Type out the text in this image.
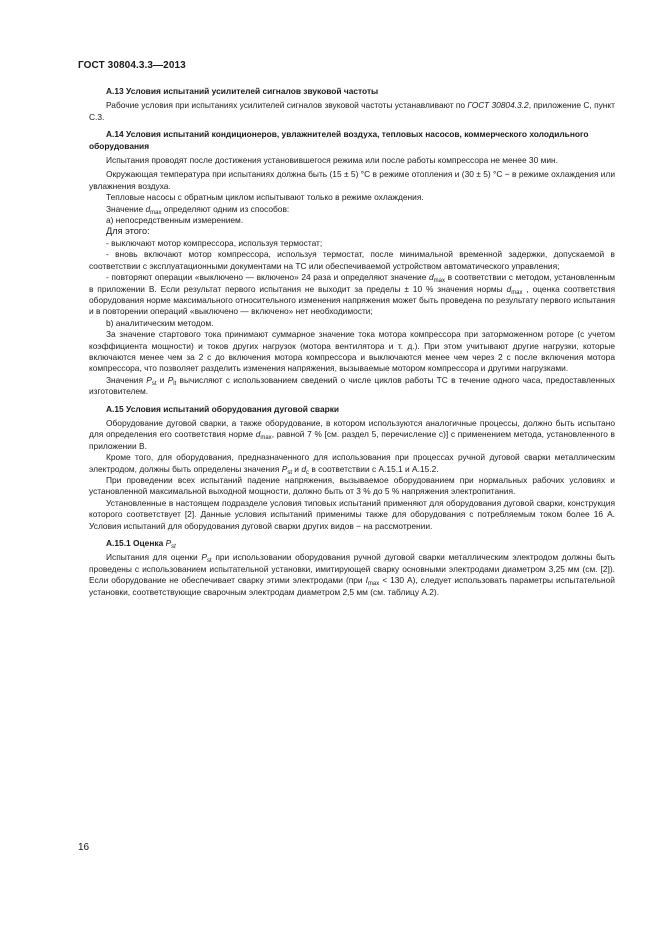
ГОСТ 30804.3.3—2013
А.13 Условия испытаний усилителей сигналов звуковой частоты

Рабочие условия при испытаниях усилителей сигналов звуковой частоты устанавливают по ГОСТ 30804.3.2, приложение С, пункт С.3.

А.14 Условия испытаний кондиционеров, увлажнителей воздуха, тепловых насосов, коммерческого холодильного оборудования

Испытания проводят после достижения установившегося режима или после работы компрессора не менее 30 мин.

Окружающая температура при испытаниях должна быть (15 ± 5) °С в режиме отопления и (30 ± 5) °С − в режиме охлаждения или увлажнения воздуха.

Тепловые насосы с обратным циклом испытывают только в режиме охлаждения.

Значение $d_{max}$ определяют одним из способов:

а) непосредственным измерением.

Для этого:

- выключают мотор компрессора, используя термостат;

- вновь включают мотор компрессора, используя термостат, после минимальной временной задержки, допускаемой в соответствии с эксплуатационными документами на ТС или обеспечиваемой устройством автоматического управления;

- повторяют операции «выключено — включено» 24 раза и определяют значение $d_{max}$ в соответствии с методом, установленным в приложении В. Если результат первого испытания не выходит за пределы ± 10 % значения нормы $d_{max}$ , оценка соответствия оборудования норме максимального относительного изменения напряжения может быть проведена по результату первого испытания и в повторении операций «выключено — включено» нет необходимости;

b) аналитическим методом.

За значение стартового тока принимают суммарное значение тока мотора компрессора при заторможенном роторе (с учетом коэффициента мощности) и токов других нагрузок (мотора вентилятора и т. д.). При этом учитывают другие нагрузки, которые включаются менее чем за 2 с до включения мотора компрессора и выключаются менее чем через 2 с после включения мотора компрессора, что позволяет разделить изменения напряжения, вызываемые мотором компрессора и другими нагрузками.

Значения $P_{st}$ и $P_{lt}$ вычисляют с использованием сведений о числе циклов работы ТС в течение одного часа, предоставленных изготовителем.

А.15 Условия испытаний оборудования дуговой сварки

Оборудование дуговой сварки, а также оборудование, в котором используются аналогичные процессы, должно быть испытано для определения его соответствия норме $d_{max}$, равной 7 % [см. раздел 5, перечисление с)] с применением метода, установленного в приложении В.

Кроме того, для оборудования, предназначенного для использования при процессах ручной дуговой сварки металлическим электродом, должны быть определены значения $P_{st}$ и $d_c$ в соответствии с А.15.1 и А.15.2.

При проведении всех испытаний падение напряжения, вызываемое оборудованием при нормальных рабочих условиях и установленной максимальной выходной мощности, должно быть от 3 % до 5 % напряжения электропитания.

Установленные в настоящем подразделе условия типовых испытаний применяют для оборудования дуговой сварки, конструкция которого соответствует [2]. Данные условия испытаний применимы также для оборудования с потребляемым током более 16 А. Условия испытаний для оборудования дуговой сварки других видов − на рассмотрении.

А.15.1 Оценка $P_{st}$

Испытания для оценки $P_{st}$ при использовании оборудования ручной дуговой сварки металлическим электродом должны быть проведены с использованием испытательной установки, имитирующей сварку основными электродами диаметром 3,25 мм (см. [2]). Если оборудование не обеспечивает сварку этими электродами (при $I_{max} < 130$ А), следует использовать параметры испытательной установки, соответствующие сварочным электродам диаметром 2,5 мм (см. таблицу А.2).

16
